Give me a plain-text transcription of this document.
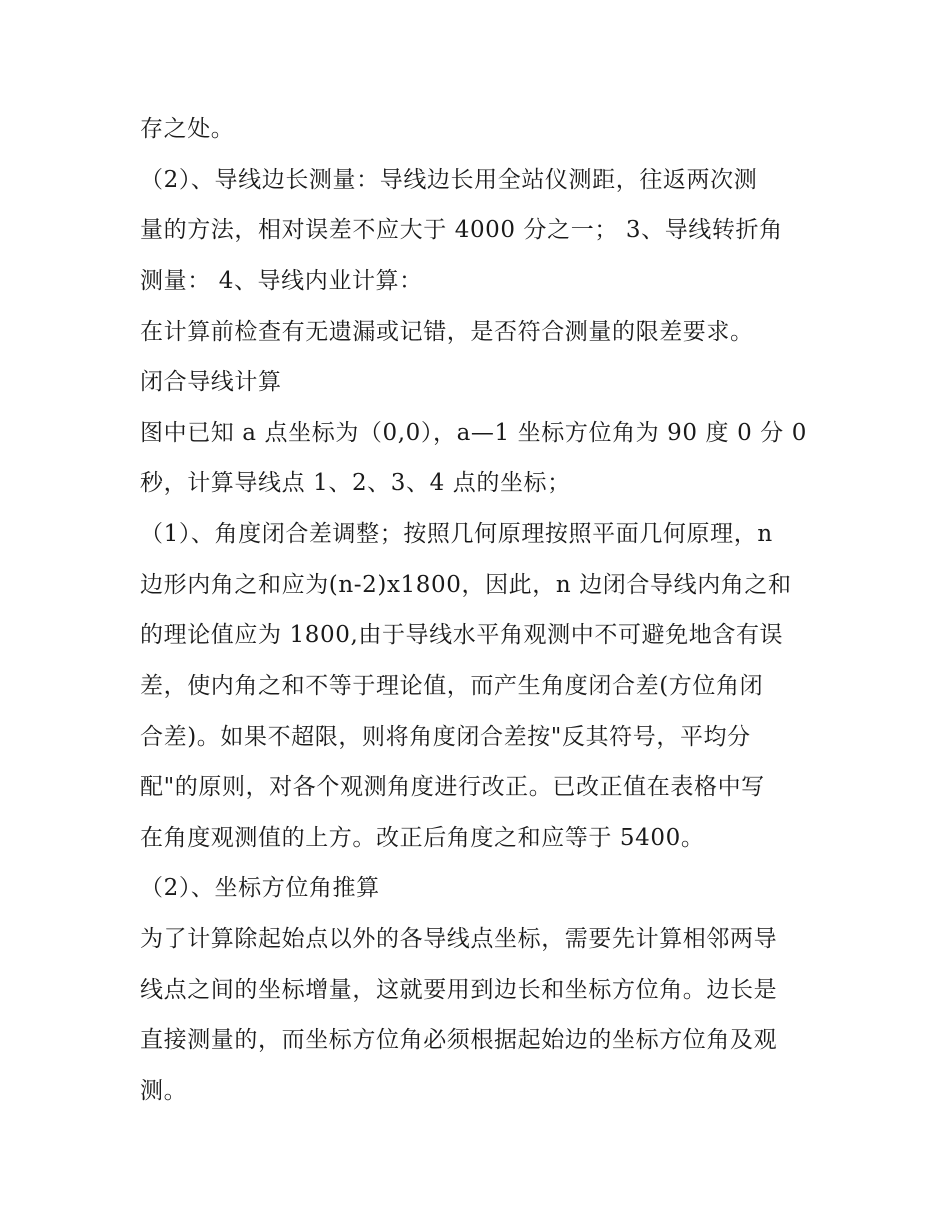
存之处。
（2）、导线边长测量：导线边长用全站仪测距，往返两次测
量的方法，相对误差不应大于 4000 分之一； 3、导线转折角
测量： 4、导线内业计算：
在计算前检查有无遗漏或记错，是否符合测量的限差要求。
闭合导线计算
图中已知 a 点坐标为（0,0），a—1 坐标方位角为 90 度 0 分 0
秒，计算导线点 1、2、3、4 点的坐标；
（1）、角度闭合差调整；按照几何原理按照平面几何原理，n
边形内角之和应为(n-2)x1800，因此，n 边闭合导线内角之和
的理论值应为 1800,由于导线水平角观测中不可避免地含有误
差，使内角之和不等于理论值，而产生角度闭合差(方位角闭
合差)。如果不超限，则将角度闭合差按"反其符号，平均分
配"的原则，对各个观测角度进行改正。已改正值在表格中写
在角度观测值的上方。改正后角度之和应等于 5400。
（2）、坐标方位角推算
为了计算除起始点以外的各导线点坐标，需要先计算相邻两导
线点之间的坐标增量，这就要用到边长和坐标方位角。边长是
直接测量的，而坐标方位角必须根据起始边的坐标方位角及观
测。
